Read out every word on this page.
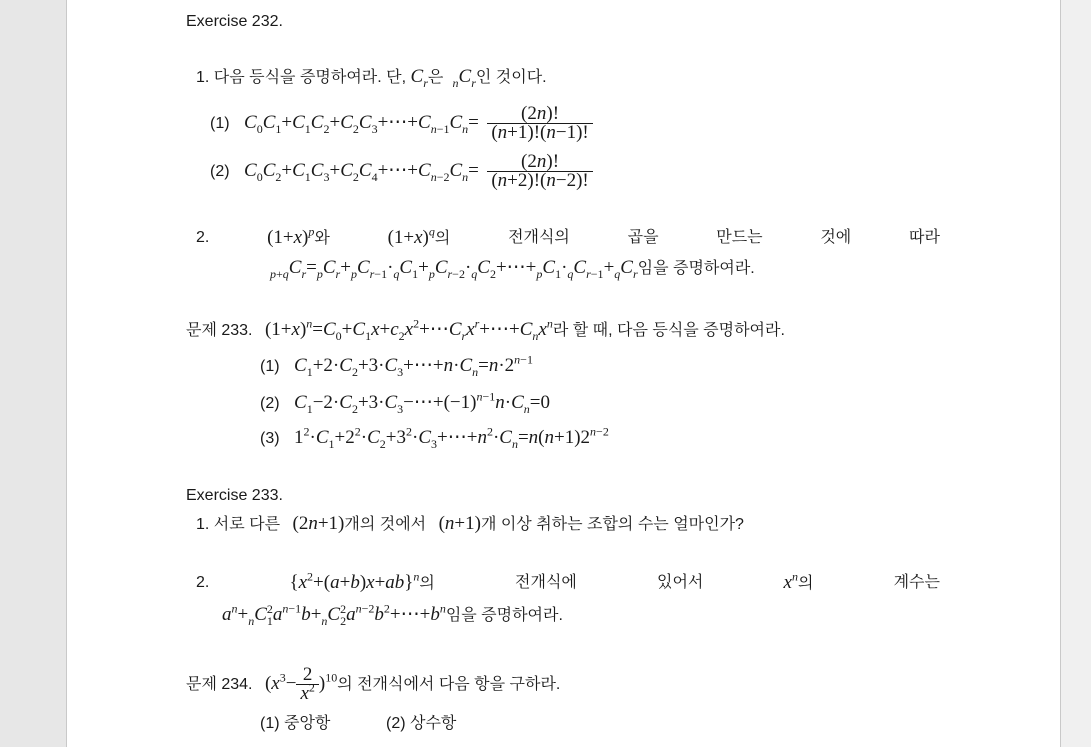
Exercise 232.
1. 다음 등식을 증명하여라. 단, $C_r$은 $_nC_r$인 것이다.
(1) $C_0C_1+C_1C_2+C_2C_3+\cdots+C_{n-1}C_n= \frac{(2n)!}{(n+1)!(n-1)!}$
(2) $C_0C_2+C_1C_3+C_2C_4+\cdots+C_{n-2}C_n= \frac{(2n)!}{(n+2)!(n-2)!}$
2.	$(1+x)^p$와	$(1+x)^q$의	전개식의	곱을	만드는	것에	따라
$_{p+q}C_r=_pC_r+_pC_{r-1}\cdot_qC_1+_pC_{r-2}\cdot_qC_2+\cdots+_pC_1\cdot_qC_{r-1}+_qC_r$임을 증명하여라.
문제 233. $(1+x)^n=C_0+C_1x+c_2x^2+\cdots C_rx^r+\cdots+C_nx^n$라 할 때, 다음 등식을 증명하여라.
(1) $C_1+2\cdot C_2+3\cdot C_3+\cdots+n\cdot C_n=n\cdot 2^{n-1}$
(2) $C_1-2\cdot C_2+3\cdot C_3-\cdots+(-1)^{n-1}n\cdot C_n=0$
(3) $1^2\cdot C_1+2^2\cdot C_2+3^2\cdot C_3+\cdots+n^2\cdot C_n=n(n+1)2^{n-2}$
Exercise 233.
1. 서로 다른 (2n+1)개의 것에서 (n+1)개 이상 취하는 조합의 수는 얼마인가?
2.	$\{x^2+(a+b)x+ab\}^n$의	전개식에	있어서	$x^n$의	계수는
$a^n+_nC_1^2a^{n-1}b+_nC_2^2a^{n-2}b^2+\cdots+b^n$임을 증명하여라.
문제 234. $(x^3- \frac{2}{x^2} )^{10}$의 전개식에서 다음 항을 구하라.
(1) 중앙항	(2) 상수항
